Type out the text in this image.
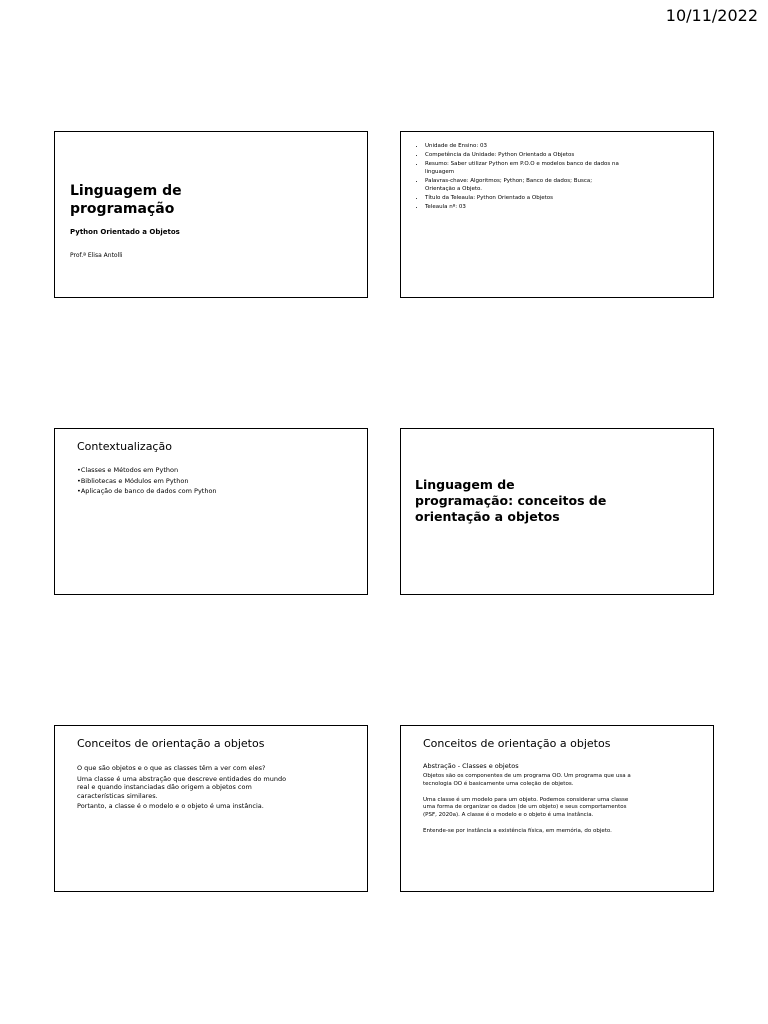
10/11/2022
Linguagem de programação
Python Orientado a Objetos
Prof.ª Elisa Antolli
• Unidade de Ensino: 03
• Competência da Unidade: Python Orientado a Objetos
• Resumo: Saber utilizar Python em P.O.O e modelos banco de dados na linguagem
• Palavras-chave: Algoritmos; Python; Banco de dados; Busca; Orientação a Objeto.
• Título da Teleaula: Python Orientado a Objetos
• Teleaula nº: 03
Contextualização
• Classes e Métodos em Python
• Bibliotecas e Módulos em Python
• Aplicação de banco de dados com Python	Linguagem de programação: conceitos de orientação a objetos
Conceitos de orientação a objetos

O que são objetos e o que as classes têm a ver com eles?

Uma classe é uma abstração que descreve entidades do mundo real e quando instanciadas dão origem a objetos com características similares.

Portanto, a classe é o modelo e o objeto é uma instância.

Conceitos de orientação a objetos
Abstração - Classes e objetos

Objetos são os componentes de um programa OO. Um programa que usa a tecnologia OO é basicamente uma coleção de objetos.

Uma classe é um modelo para um objeto. Podemos considerar uma classe uma forma de organizar os dados (de um objeto) e seus comportamentos (PSF, 2020a). A classe é o modelo e o objeto é uma instância.

Entende-se por instância a existência física, em memória, do objeto.
